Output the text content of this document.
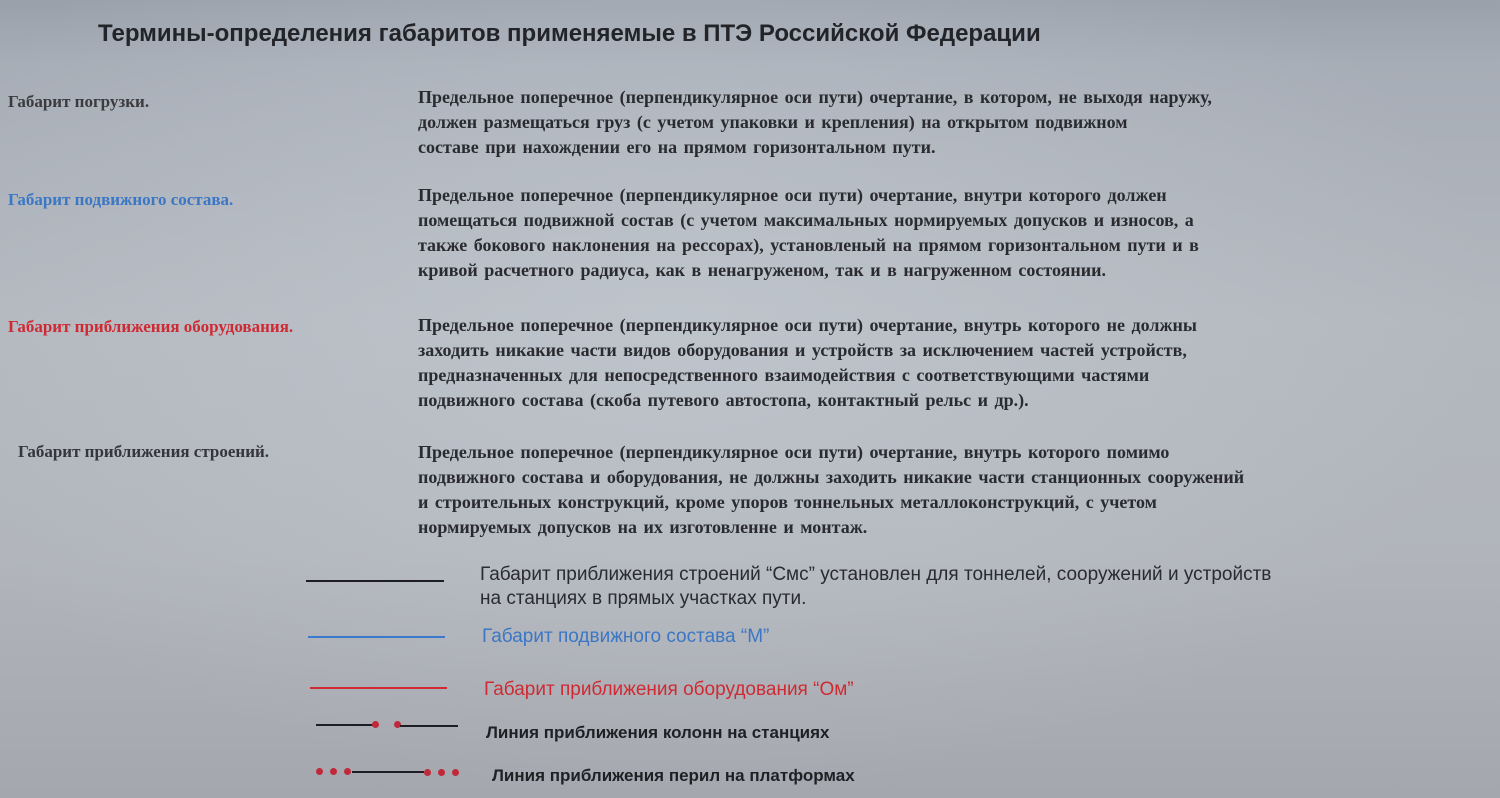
Термины-определения габаритов применяемые в ПТЭ Российской Федерации
Габарит погрузки.	Предельное поперечное (перпендикулярное оси пути) очертание, в котором, не выходя наружу,
должен размещаться груз (с учетом упаковки и крепления) на открытом подвижном
составе при нахождении его на прямом горизонтальном пути.
Габарит подвижного состава.	Предельное поперечное (перпендикулярное оси пути) очертание, внутри которого должен
помещаться подвижной состав (с учетом максимальных нормируемых допусков и износов, а
также бокового наклонения на рессорах), установленый на прямом горизонтальном пути и в
кривой расчетного радиуса, как в ненагруженом, так и в нагруженном состоянии.
Габарит приближения оборудования.	Предельное поперечное (перпендикулярное оси пути) очертание, внутрь которого не должны
заходить никакие части видов оборудования и устройств за исключением частей устройств,
предназначенных для непосредственного взаимодействия с соответствующими частями
подвижного состава (скоба путевого автостопа, контактный рельс и др.).
Габарит приближения строений.	Предельное поперечное (перпендикулярное оси пути) очертание, внутрь которого помимо
подвижного состава и оборудования, не должны заходить никакие части станционных сооружений
и строительных конструкций, кроме упоров тоннельных металлоконструкций, с учетом
нормируемых допусков на их изготовленне и монтаж.
Габарит приближения строений “Смс” установлен для тоннелей, сооружений и устройств
на станциях в прямых участках пути.
Габарит подвижного состава “М”
Габарит приближения оборудования “Ом”
Линия приближения колонн на станциях
Линия приближения перил на платформах
